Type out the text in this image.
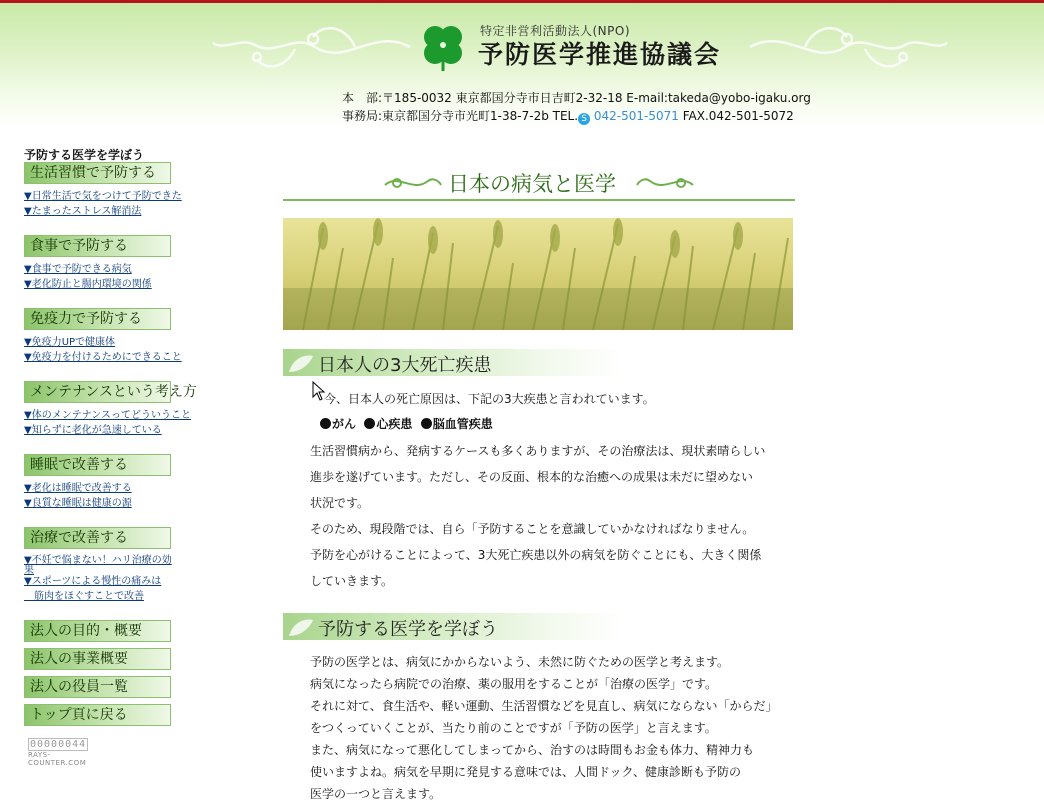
特定非営利活動法人(NPO)
予防医学推進協議会
本　部:〒185-0032 東京都国分寺市日吉町2-32-18 E-mail:takeda@yobo-igaku.org
事務局:東京都国分寺市光町1-38-7-2b TEL. S 042-501-5071 FAX.042-501-5072
予防する医学を学ぼう
生活習慣で予防する
▼日常生活で気をつけて予防できた
▼たまったストレス解消法
食事で予防する
▼食事で予防できる病気
▼老化防止と腸内環境の関係
免疫力で予防する
▼免疫力UPで健康体
▼免疫力を付けるためにできること
メンテナンスという考え方
▼体のメンテナンスってどういうこと
▼知らずに老化が急速している
睡眠で改善する
▼老化は睡眠で改善する
▼良質な睡眠は健康の源
治療で改善する
▼不妊で悩まない！ハリ治療の効
果
▼スポーツによる慢性の痛みは
　筋肉をほぐすことで改善
法人の目的・概要
法人の事業概要
法人の役員一覧
トップ頁に戻る
00000044
RAYS-COUNTER.COM
日本の病気と医学
日本人の3大死亡疾患
今、日本人の死亡原因は、下記の3大疾患と言われています。
がん 心疾患 脳血管疾患
生活習慣病から、発病するケースも多くありますが、その治療法は、現状素晴らしい
進歩を遂げています。ただし、その反面、根本的な治癒への成果は未だに望めない
状況です。
そのため、現段階では、自ら「予防することを意識していかなければなりません。
予防を心がけることによって、3大死亡疾患以外の病気を防ぐことにも、大きく関係
していきます。
予防する医学を学ぼう
予防の医学とは、病気にかからないよう、未然に防ぐための医学と考えます。
病気になったら病院での治療、薬の服用をすることが「治療の医学」です。
それに対て、食生活や、軽い運動、生活習慣などを見直し、病気にならない「からだ」
をつくっていくことが、当たり前のことですが「予防の医学」と言えます。
また、病気になって悪化してしまってから、治すのは時間もお金も体力、精神力も
使いますよね。病気を早期に発見する意味では、人間ドック、健康診断も予防の
医学の一つと言えます。
